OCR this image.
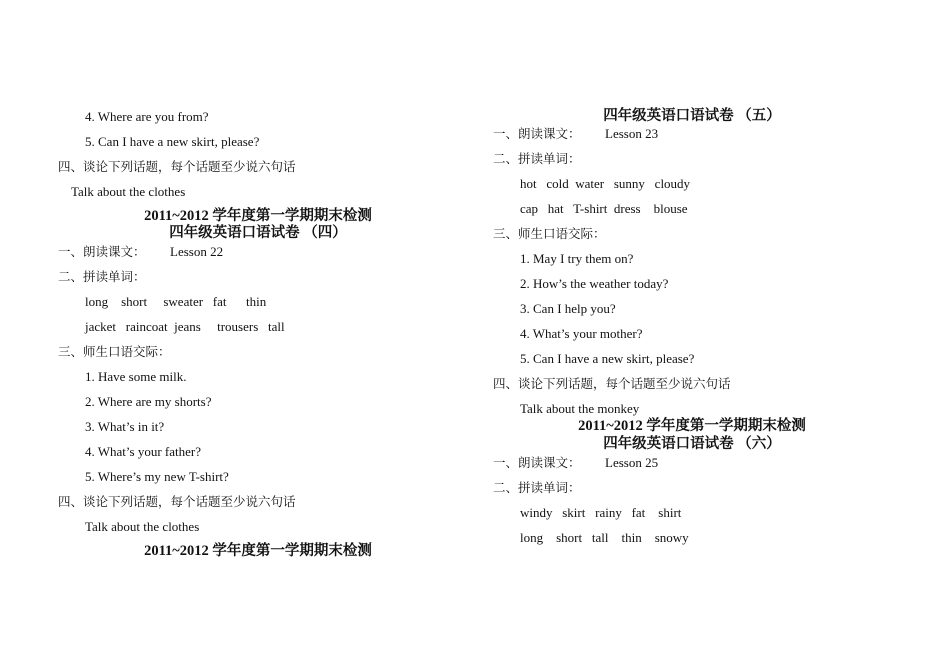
4. Where are you from?
5. Can I have a new skirt, please?
四、谈论下列话题，每个话题至少说六句话
Talk about the clothes
2011~2012 学年度第一学期期末检测
四年级英语口语试卷 （四）
一、朗读课文： Lesson 22
二、拼读单词：
long    short     sweater   fat      thin
jacket   raincoat  jeans     trousers   tall
三、师生口语交际：
1. Have some milk.
2. Where are my shorts?
3. What’s in it?
4. What’s your father?
5. Where’s my new T-shirt?
四、谈论下列话题，每个话题至少说六句话
Talk about the clothes
2011~2012 学年度第一学期期末检测
四年级英语口语试卷 （五）
一、朗读课文： Lesson 23
二、拼读单词：
hot   cold  water   sunny   cloudy
cap   hat   T-shirt  dress    blouse
三、师生口语交际：
1. May I try them on?
2. How’s the weather today?
3. Can I help you?
4. What’s your mother?
5. Can I have a new skirt, please?
四、谈论下列话题，每个话题至少说六句话
Talk about the monkey
2011~2012 学年度第一学期期末检测
四年级英语口语试卷 （六）
一、朗读课文： Lesson 25
二、拼读单词：
windy   skirt   rainy   fat    shirt
long    short   tall    thin    snowy
